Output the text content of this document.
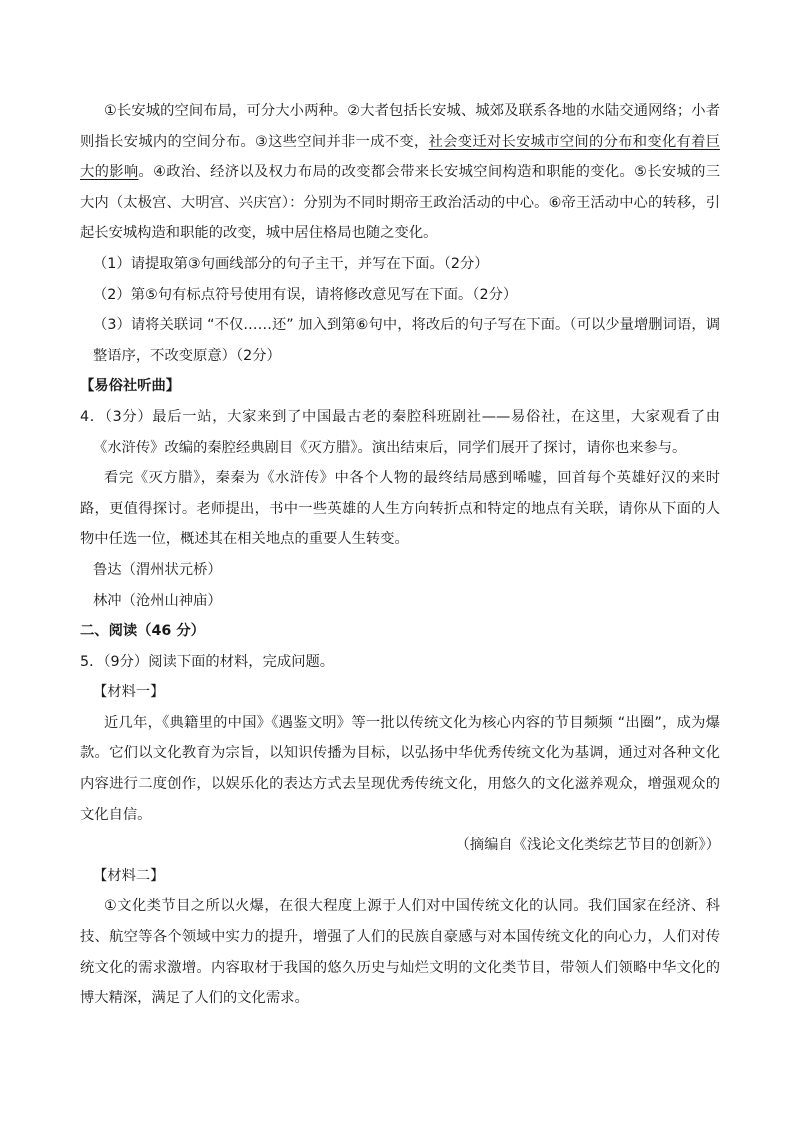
①长安城的空间布局，可分大小两种。②大者包括长安城、城郊及联系各地的水陆交通网络；小者则指长安城内的空间分布。③这些空间并非一成不变，社会变迁对长安城市空间的分布和变化有着巨大的影响。④政治、经济以及权力布局的改变都会带来长安城空间构造和职能的变化。⑤长安城的三大内（太极宫、大明宫、兴庆宫）：分别为不同时期帝王政治活动的中心。⑥帝王活动中心的转移，引起长安城构造和职能的改变，城中居住格局也随之变化。

（1）请提取第③句画线部分的句子主干，并写在下面。（2分）

（2）第⑤句有标点符号使用有误，请将修改意见写在下面。（2分）

（3）请将关联词 “不仅……还” 加入到第⑥句中，将改后的句子写在下面。（可以少量增删词语，调整语序，不改变原意）（2分）

【易俗社听曲】

4．（3分）最后一站，大家来到了中国最古老的秦腔科班剧社——易俗社，在这里，大家观看了由《水浒传》改编的秦腔经典剧目《灭方腊》。演出结束后，同学们展开了探讨，请你也来参与。

看完《灭方腊》，秦秦为《水浒传》中各个人物的最终结局感到唏嘘，回首每个英雄好汉的来时路，更值得探讨。老师提出，书中一些英雄的人生方向转折点和特定的地点有关联，请你从下面的人物中任选一位，概述其在相关地点的重要人生转变。

鲁达（渭州状元桥）

林冲（沧州山神庙）

二、阅读（46 分）

5．（9分）阅读下面的材料，完成问题。

【材料一】

近几年，《典籍里的中国》《遇鉴文明》等一批以传统文化为核心内容的节目频频 “出圈”，成为爆款。它们以文化教育为宗旨，以知识传播为目标，以弘扬中华优秀传统文化为基调，通过对各种文化内容进行二度创作，以娱乐化的表达方式去呈现优秀传统文化，用悠久的文化滋养观众，增强观众的文化自信。

（摘编自《浅论文化类综艺节目的创新》）

【材料二】

①文化类节目之所以火爆，在很大程度上源于人们对中国传统文化的认同。我们国家在经济、科技、航空等各个领域中实力的提升，增强了人们的民族自豪感与对本国传统文化的向心力，人们对传统文化的需求激增。内容取材于我国的悠久历史与灿烂文明的文化类节目，带领人们领略中华文化的博大精深，满足了人们的文化需求。
